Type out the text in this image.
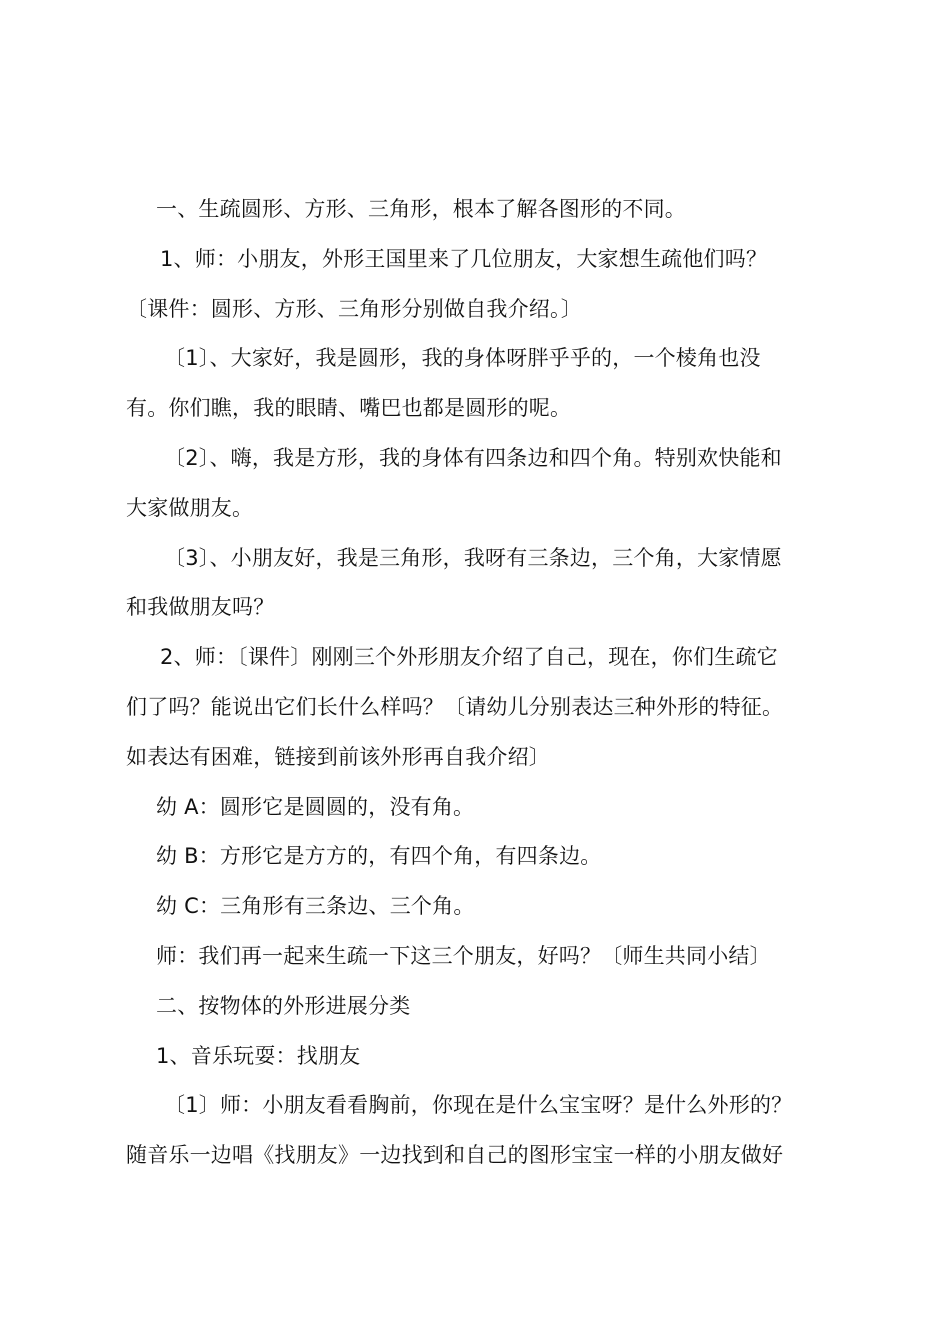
一、生疏圆形、方形、三角形，根本了解各图形的不同。
1、师：小朋友，外形王国里来了几位朋友，大家想生疏他们吗？
〔课件：圆形、方形、三角形分别做自我介绍。〕
〔1〕、大家好，我是圆形，我的身体呀胖乎乎的，一个棱角也没
有。你们瞧，我的眼睛、嘴巴也都是圆形的呢。
〔2〕、嗨，我是方形，我的身体有四条边和四个角。特别欢快能和
大家做朋友。
〔3〕、小朋友好，我是三角形，我呀有三条边，三个角，大家情愿
和我做朋友吗？
2、师：〔课件〕刚刚三个外形朋友介绍了自己，现在，你们生疏它
们了吗？能说出它们长什么样吗？〔请幼儿分别表达三种外形的特征。
如表达有困难，链接到前该外形再自我介绍〕
幼 A：圆形它是圆圆的，没有角。
幼 B：方形它是方方的，有四个角，有四条边。
幼 C：三角形有三条边、三个角。
师：我们再一起来生疏一下这三个朋友，好吗？〔师生共同小结〕
二、按物体的外形进展分类
1、音乐玩耍：找朋友
〔1〕师：小朋友看看胸前，你现在是什么宝宝呀？是什么外形的？
随音乐一边唱《找朋友》一边找到和自己的图形宝宝一样的小朋友做好
